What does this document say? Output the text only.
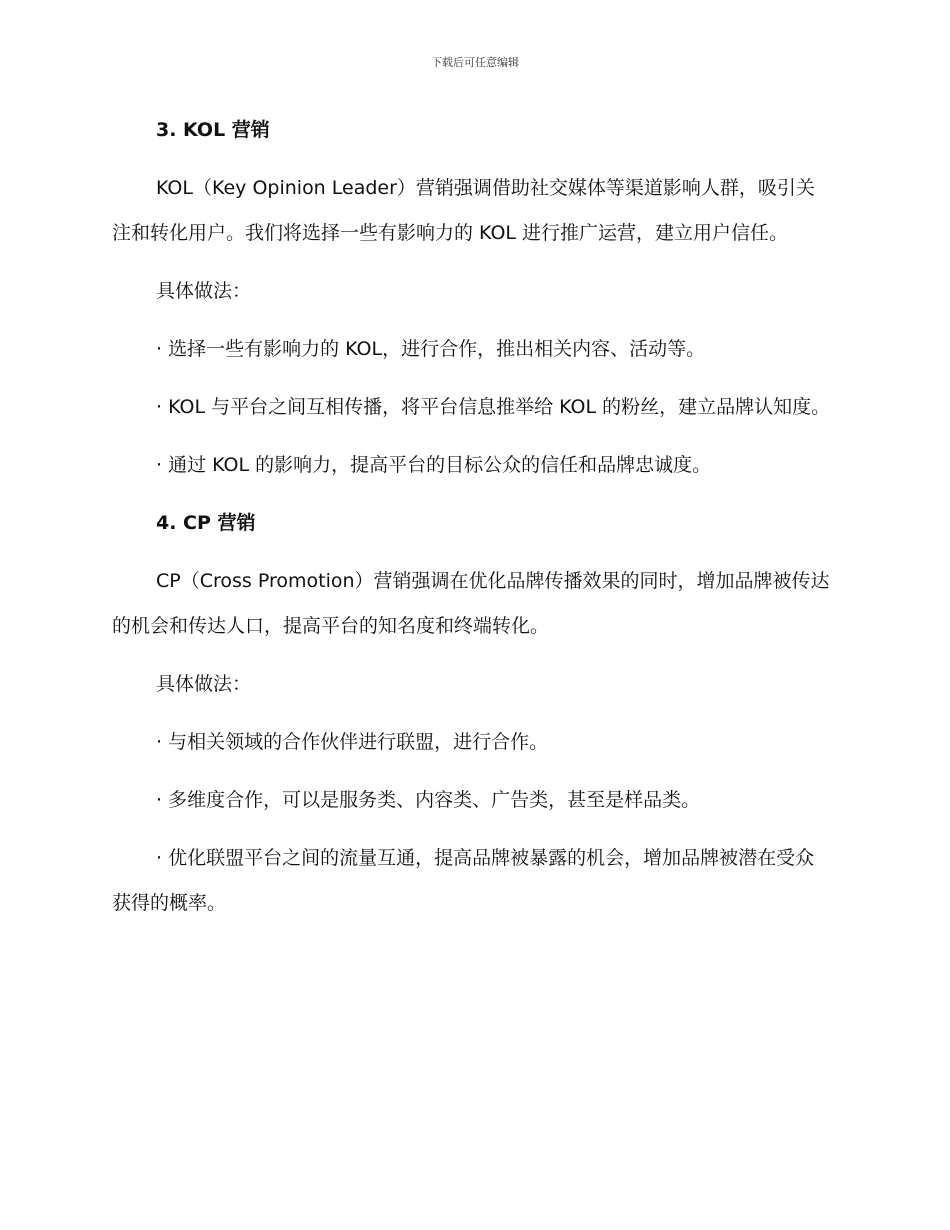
下载后可任意编辑
3. KOL 营销

KOL（Key Opinion Leader）营销强调借助社交媒体等渠道影响人群，吸引关注和转化用户。我们将选择一些有影响力的 KOL 进行推广运营，建立用户信任。

具体做法：

· 选择一些有影响力的 KOL，进行合作，推出相关内容、活动等。

· KOL 与平台之间互相传播，将平台信息推举给 KOL 的粉丝，建立品牌认知度。

· 通过 KOL 的影响力，提高平台的目标公众的信任和品牌忠诚度。

4. CP 营销

CP（Cross Promotion）营销强调在优化品牌传播效果的同时，增加品牌被传达的机会和传达人口，提高平台的知名度和终端转化。

具体做法：

· 与相关领域的合作伙伴进行联盟，进行合作。

· 多维度合作，可以是服务类、内容类、广告类，甚至是样品类。

· 优化联盟平台之间的流量互通，提高品牌被暴露的机会，增加品牌被潜在受众获得的概率。
